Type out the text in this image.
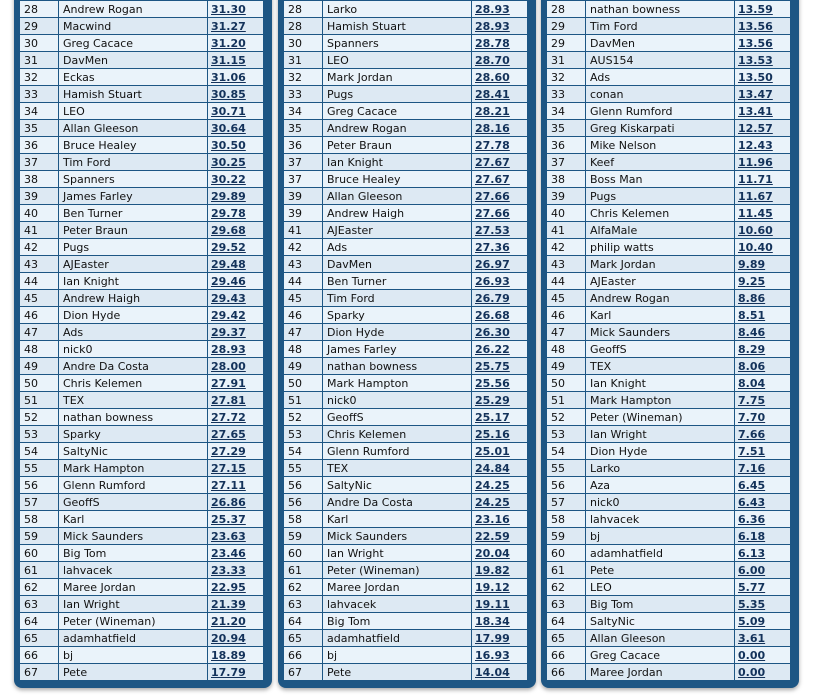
28	Andrew Rogan	31.30
29	Macwind	31.27
30	Greg Cacace	31.20
31	DavMen	31.15
32	Eckas	31.06
33	Hamish Stuart	30.85
34	LEO	30.71
35	Allan Gleeson	30.64
36	Bruce Healey	30.50
37	Tim Ford	30.25
38	Spanners	30.22
39	James Farley	29.89
40	Ben Turner	29.78
41	Peter Braun	29.68
42	Pugs	29.52
43	AJEaster	29.48
44	Ian Knight	29.46
45	Andrew Haigh	29.43
46	Dion Hyde	29.42
47	Ads	29.37
48	nick0	28.93
49	Andre Da Costa	28.00
50	Chris Kelemen	27.91
51	TEX	27.81
52	nathan bowness	27.72
53	Sparky	27.65
54	SaltyNic	27.29
55	Mark Hampton	27.15
56	Glenn Rumford	27.11
57	GeoffS	26.86
58	Karl	25.37
59	Mick Saunders	23.63
60	Big Tom	23.46
61	lahvacek	23.33
62	Maree Jordan	22.95
63	Ian Wright	21.39
64	Peter (Wineman)	21.20
65	adamhatfield	20.94
66	bj	18.89
67	Pete	17.79
28	Larko	28.93
28	Hamish Stuart	28.93
30	Spanners	28.78
31	LEO	28.70
32	Mark Jordan	28.60
33	Pugs	28.41
34	Greg Cacace	28.21
35	Andrew Rogan	28.16
36	Peter Braun	27.78
37	Ian Knight	27.67
37	Bruce Healey	27.67
39	Allan Gleeson	27.66
39	Andrew Haigh	27.66
41	AJEaster	27.53
42	Ads	27.36
43	DavMen	26.97
44	Ben Turner	26.93
45	Tim Ford	26.79
46	Sparky	26.68
47	Dion Hyde	26.30
48	James Farley	26.22
49	nathan bowness	25.75
50	Mark Hampton	25.56
51	nick0	25.29
52	GeoffS	25.17
53	Chris Kelemen	25.16
54	Glenn Rumford	25.01
55	TEX	24.84
56	SaltyNic	24.25
56	Andre Da Costa	24.25
58	Karl	23.16
59	Mick Saunders	22.59
60	Ian Wright	20.04
61	Peter (Wineman)	19.82
62	Maree Jordan	19.12
63	lahvacek	19.11
64	Big Tom	18.34
65	adamhatfield	17.99
66	bj	16.93
67	Pete	14.04
28	nathan bowness	13.59
29	Tim Ford	13.56
29	DavMen	13.56
31	AUS154	13.53
32	Ads	13.50
33	conan	13.47
34	Glenn Rumford	13.41
35	Greg Kiskarpati	12.57
36	Mike Nelson	12.43
37	Keef	11.96
38	Boss Man	11.71
39	Pugs	11.67
40	Chris Kelemen	11.45
41	AlfaMale	10.60
42	philip watts	10.40
43	Mark Jordan	9.89
44	AJEaster	9.25
45	Andrew Rogan	8.86
46	Karl	8.51
47	Mick Saunders	8.46
48	GeoffS	8.29
49	TEX	8.06
50	Ian Knight	8.04
51	Mark Hampton	7.75
52	Peter (Wineman)	7.70
53	Ian Wright	7.66
54	Dion Hyde	7.51
55	Larko	7.16
56	Aza	6.45
57	nick0	6.43
58	lahvacek	6.36
59	bj	6.18
60	adamhatfield	6.13
61	Pete	6.00
62	LEO	5.77
63	Big Tom	5.35
64	SaltyNic	5.09
65	Allan Gleeson	3.61
66	Greg Cacace	0.00
66	Maree Jordan	0.00
